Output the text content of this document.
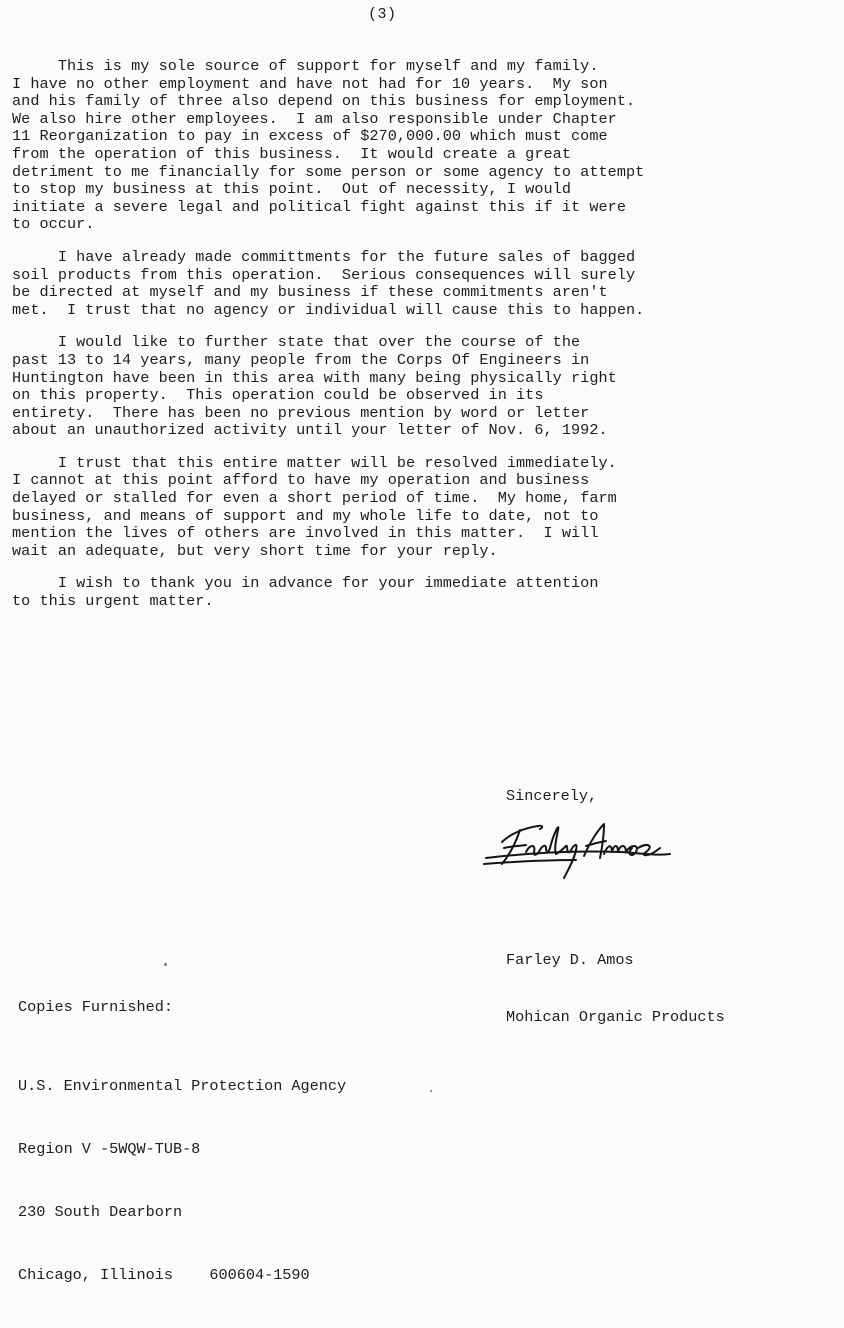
(3)

This is my sole source of support for myself and my family.
I have no other employment and have not had for 10 years.  My son
and his family of three also depend on this business for employment.
We also hire other employees.  I am also responsible under Chapter
11 Reorganization to pay in excess of $270,000.00 which must come
from the operation of this business.  It would create a great
detriment to me financially for some person or some agency to attempt
to stop my business at this point.  Out of necessity, I would
initiate a severe legal and political fight against this if it were
to occur.

I have already made committments for the future sales of bagged
soil products from this operation.  Serious consequences will surely
be directed at myself and my business if these commitments aren't
met.  I trust that no agency or individual will cause this to happen.

I would like to further state that over the course of the
past 13 to 14 years, many people from the Corps Of Engineers in
Huntington have been in this area with many being physically right
on this property.  This operation could be observed in its
entirety.  There has been no previous mention by word or letter
about an unauthorized activity until your letter of Nov. 6, 1992.

I trust that this entire matter will be resolved immediately.
I cannot at this point afford to have my operation and business
delayed or stalled for even a short period of time.  My home, farm
business, and means of support and my whole life to date, not to
mention the lives of others are involved in this matter.  I will
wait an adequate, but very short time for your reply.

I wish to thank you in advance for your immediate attention
to this urgent matter.

Sincerely,

Farley D. Amos

Mohican Organic Products

Copies Furnished:

U.S. Environmental Protection Agency

Region V -5WQW-TUB-8

230 South Dearborn

Chicago, Illinois    600604-1590
